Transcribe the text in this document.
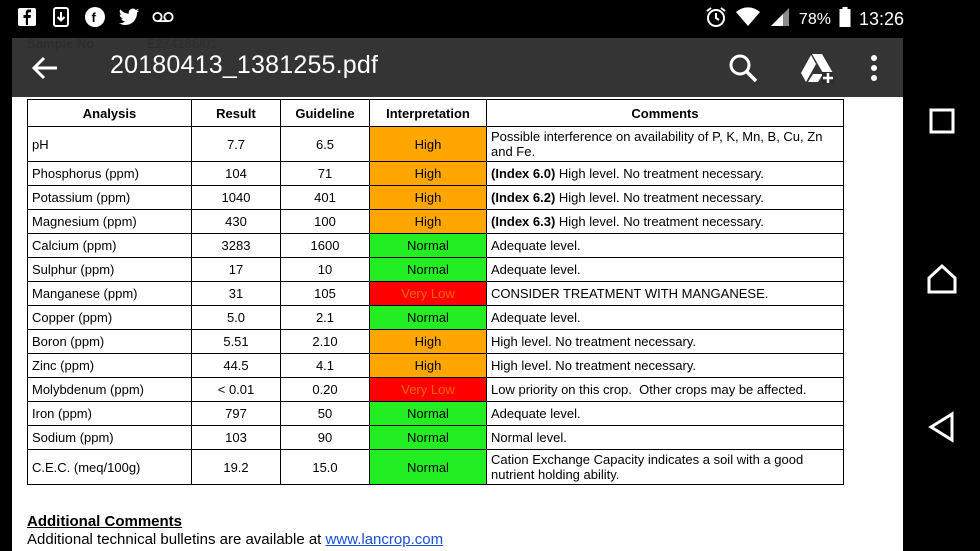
f	78% 13:26
20180413_1381255.pdf
Analysis	Result	Guideline	Interpretation	Comments
pH	7.7	6.5	High	Possible interference on availability of P, K, Mn, B, Cu, Zn and Fe.
Phosphorus (ppm)	104	71	High	(Index 6.0) High level. No treatment necessary.
Potassium (ppm)	1040	401	High	(Index 6.2) High level. No treatment necessary.
Magnesium (ppm)	430	100	High	(Index 6.3) High level. No treatment necessary.
Calcium (ppm)	3283	1600	Normal	Adequate level.
Sulphur (ppm)	17	10	Normal	Adequate level.
Manganese (ppm)	31	105	Very Low	CONSIDER TREATMENT WITH MANGANESE.
Copper (ppm)	5.0	2.1	Normal	Adequate level.
Boron (ppm)	5.51	2.10	High	High level. No treatment necessary.
Zinc (ppm)	44.5	4.1	High	High level. No treatment necessary.
Molybdenum (ppm)	< 0.01	0.20	Very Low	Low priority on this crop.  Other crops may be affected.
Iron (ppm)	797	50	Normal	Adequate level.
Sodium (ppm)	103	90	Normal	Normal level.
C.E.C. (meq/100g)	19.2	15.0	Normal	Cation Exchange Capacity indicates a soil with a good nutrient holding ability.
Additional Comments
Additional technical bulletins are available at www.lancrop.com
